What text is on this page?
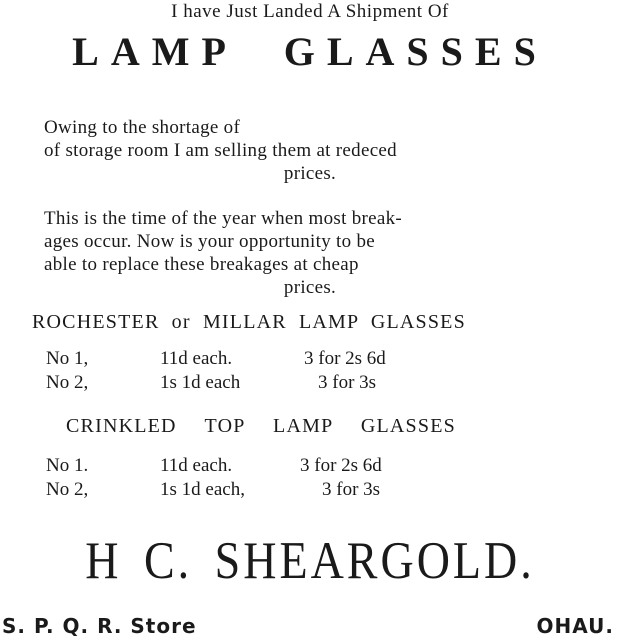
I have Just Landed A Shipment Of
LAMP GLASSES
Owing to the shortage of
of storage room I am selling them at redeced
prices.
This is the time of the year when most break-
ages occur. Now is your opportunity to be
able to replace these breakages at cheap
prices.
ROCHESTER or MILLAR LAMP GLASSES
No 1,	11d each.	3 for 2s 6d
No 2,	1s 1d each	3 for 3s
CRINKLED TOP LAMP GLASSES
No 1.	11d each.	3 for 2s 6d
No 2,	1s 1d each,	3 for 3s
H C. SHEARGOLD.
S. P. Q. R. Store	OHAU.
